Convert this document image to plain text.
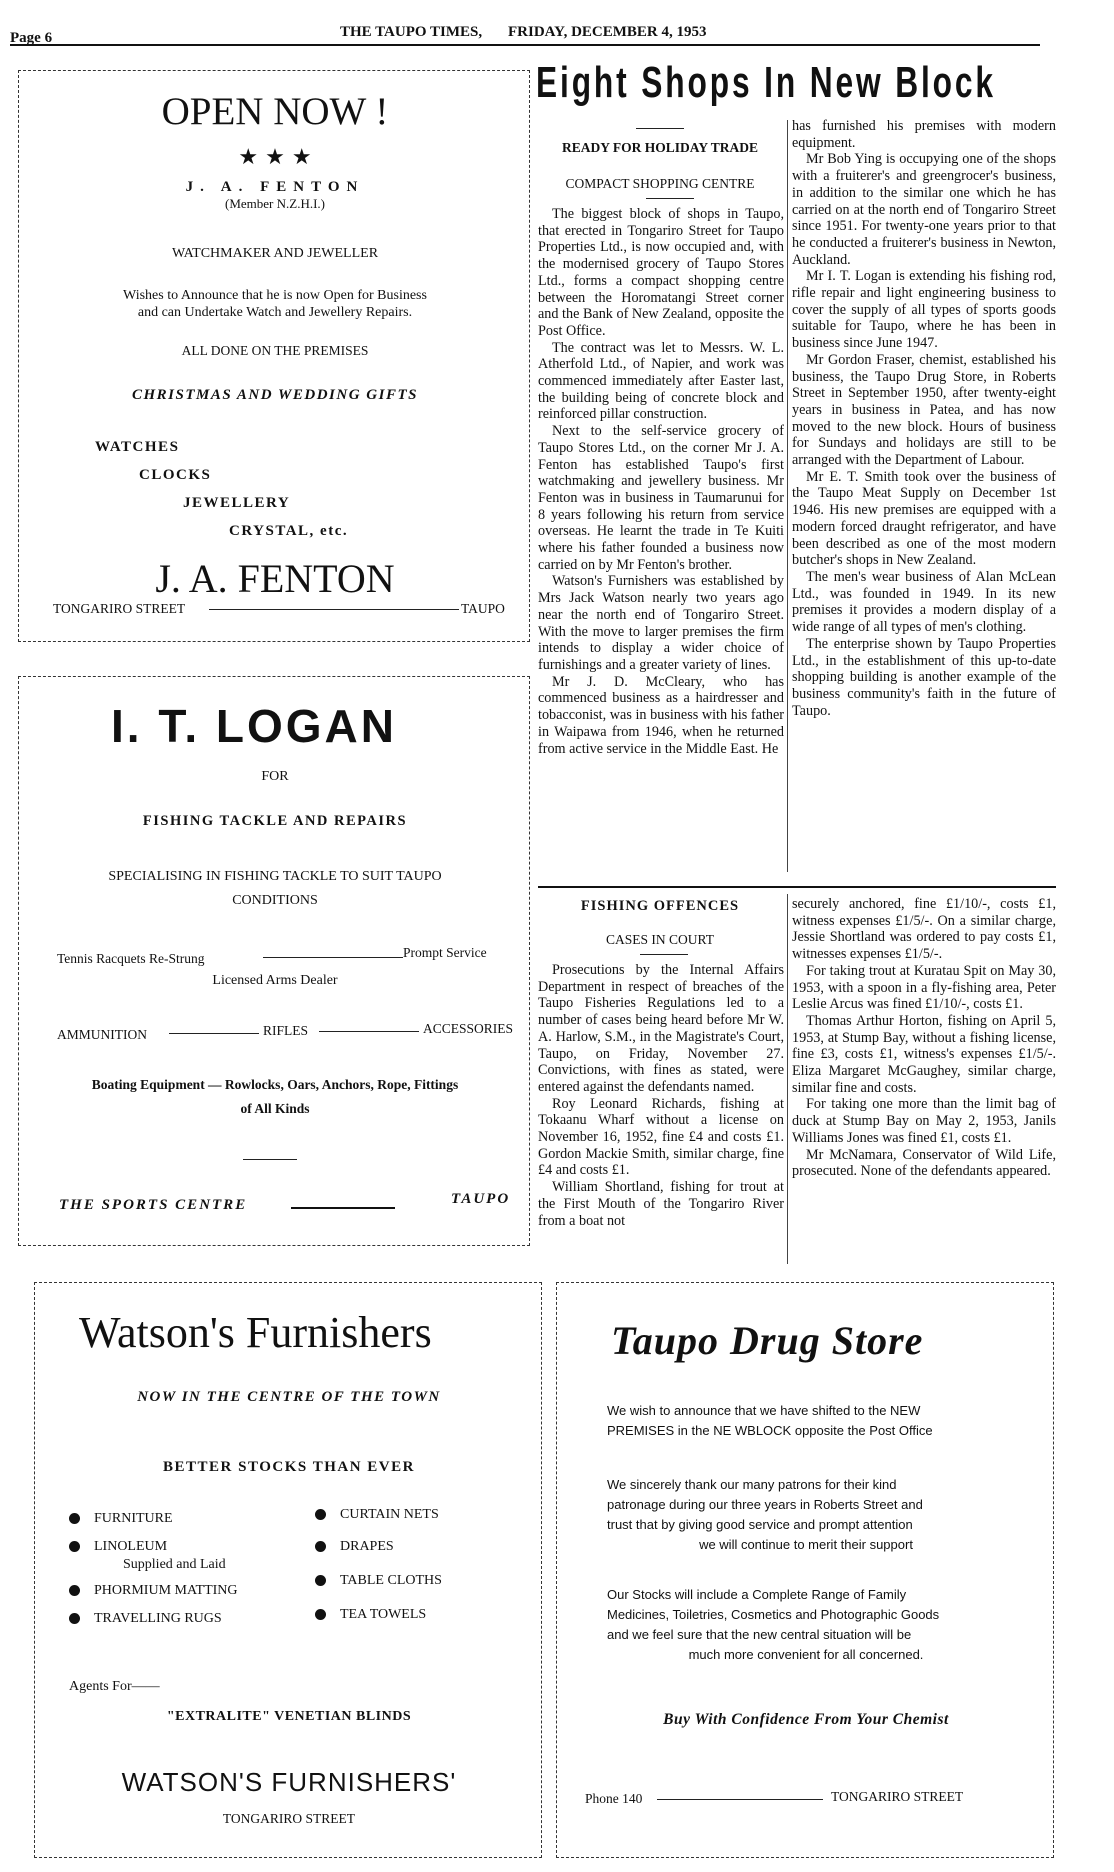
Page 6	THE TAUPO TIMES, FRIDAY, DECEMBER 4, 1953
OPEN NOW !
★ ★ ★
J. A. FENTON
(Member N.Z.H.I.)
WATCHMAKER AND JEWELLER
Wishes to Announce that he is now Open for Business
and can Undertake Watch and Jewellery Repairs.
ALL DONE ON THE PREMISES
CHRISTMAS AND WEDDING GIFTS
WATCHES
CLOCKS
JEWELLERY
CRYSTAL, etc.
J. A. FENTON
TONGARIRO STREET	TAUPO
I. T. LOGAN
FOR
FISHING TACKLE AND REPAIRS
SPECIALISING IN FISHING TACKLE TO SUIT TAUPO
CONDITIONS
Tennis Racquets Re-Strung	Prompt Service
Licensed Arms Dealer
AMMUNITION	RIFLES	ACCESSORIES
Boating Equipment — Rowlocks, Oars, Anchors, Rope, Fittings
of All Kinds
THE SPORTS CENTRE	TAUPO
Eight Shops In New Block
READY FOR HOLIDAY TRADE
COMPACT SHOPPING CENTRE

The biggest block of shops in Taupo, that erected in Tongariro Street for Taupo Properties Ltd., is now occupied and, with the modernised grocery of Taupo Stores Ltd., forms a compact shopping centre between the Horomatangi Street corner and the Bank of New Zealand, opposite the Post Office.

The contract was let to Messrs. W. L. Atherfold Ltd., of Napier, and work was commenced immediately after Easter last, the building being of concrete block and reinforced pillar construction.

Next to the self-service grocery of Taupo Stores Ltd., on the corner Mr J. A. Fenton has established Taupo's first watchmaking and jewellery business. Mr Fenton was in business in Taumarunui for 8 years following his return from service overseas. He learnt the trade in Te Kuiti where his father founded a business now carried on by Mr Fenton's brother.

Watson's Furnishers was established by Mrs Jack Watson nearly two years ago near the north end of Tongariro Street. With the move to larger premises the firm intends to display a wider choice of furnishings and a greater variety of lines.

Mr J. D. McCleary, who has commenced business as a hairdresser and tobacconist, was in business with his father in Waipawa from 1946, when he returned from active service in the Middle East. He

has furnished his premises with modern equipment.

Mr Bob Ying is occupying one of the shops with a fruiterer's and greengrocer's business, in addition to the similar one which he has carried on at the north end of Tongariro Street since 1951. For twenty-one years prior to that he conducted a fruiterer's business in Newton, Auckland.

Mr I. T. Logan is extending his fishing rod, rifle repair and light engineering business to cover the supply of all types of sports goods suitable for Taupo, where he has been in business since June 1947.

Mr Gordon Fraser, chemist, established his business, the Taupo Drug Store, in Roberts Street in September 1950, after twenty-eight years in business in Patea, and has now moved to the new block. Hours of business for Sundays and holidays are still to be arranged with the Department of Labour.

Mr E. T. Smith took over the business of the Taupo Meat Supply on December 1st 1946. His new premises are equipped with a modern forced draught refrigerator, and have been described as one of the most modern butcher's shops in New Zealand.

The men's wear business of Alan McLean Ltd., was founded in 1949. In its new premises it provides a modern display of a wide range of all types of men's clothing.

The enterprise shown by Taupo Properties Ltd., in the establishment of this up-to-date shopping building is another example of the business community's faith in the future of Taupo.

FISHING OFFENCES
CASES IN COURT

Prosecutions by the Internal Affairs Department in respect of breaches of the Taupo Fisheries Regulations led to a number of cases being heard before Mr W. A. Harlow, S.M., in the Magistrate's Court, Taupo, on Friday, November 27. Convictions, with fines as stated, were entered against the defendants named.

Roy Leonard Richards, fishing at Tokaanu Wharf without a license on November 16, 1952, fine £4 and costs £1. Gordon Mackie Smith, similar charge, fine £4 and costs £1.

William Shortland, fishing for trout at the First Mouth of the Tongariro River from a boat not

securely anchored, fine £1/10/-, costs £1, witness expenses £1/5/-. On a similar charge, Jessie Shortland was ordered to pay costs £1, witnesses expenses £1/5/-.

For taking trout at Kuratau Spit on May 30, 1953, with a spoon in a fly-fishing area, Peter Leslie Arcus was fined £1/10/-, costs £1.

Thomas Arthur Horton, fishing on April 5, 1953, at Stump Bay, without a fishing license, fine £3, costs £1, witness's expenses £1/5/-. Eliza Margaret McGaughey, similar charge, similar fine and costs.

For taking one more than the limit bag of duck at Stump Bay on May 2, 1953, Janils Williams Jones was fined £1, costs £1.

Mr McNamara, Conservator of Wild Life, prosecuted. None of the defendants appeared.

Watson's Furnishers
NOW IN THE CENTRE OF THE TOWN
BETTER STOCKS THAN EVER
FURNITURE
LINOLEUM
Supplied and Laid
PHORMIUM MATTING
TRAVELLING RUGS
CURTAIN NETS
DRAPES
TABLE CLOTHS
TEA TOWELS
Agents For——
"EXTRALITE" VENETIAN BLINDS
WATSON'S FURNISHERS'
TONGARIRO STREET
Taupo Drug Store
We wish to announce that we have shifted to the NEW
PREMISES in the NE WBLOCK opposite the Post Office
We sincerely thank our many patrons for their kind
patronage during our three years in Roberts Street and
trust that by giving good service and prompt attention
we will continue to merit their support
Our Stocks will include a Complete Range of Family
Medicines, Toiletries, Cosmetics and Photographic Goods
and we feel sure that the new central situation will be
much more convenient for all concerned.
Buy With Confidence From Your Chemist
Phone 140	TONGARIRO STREET
